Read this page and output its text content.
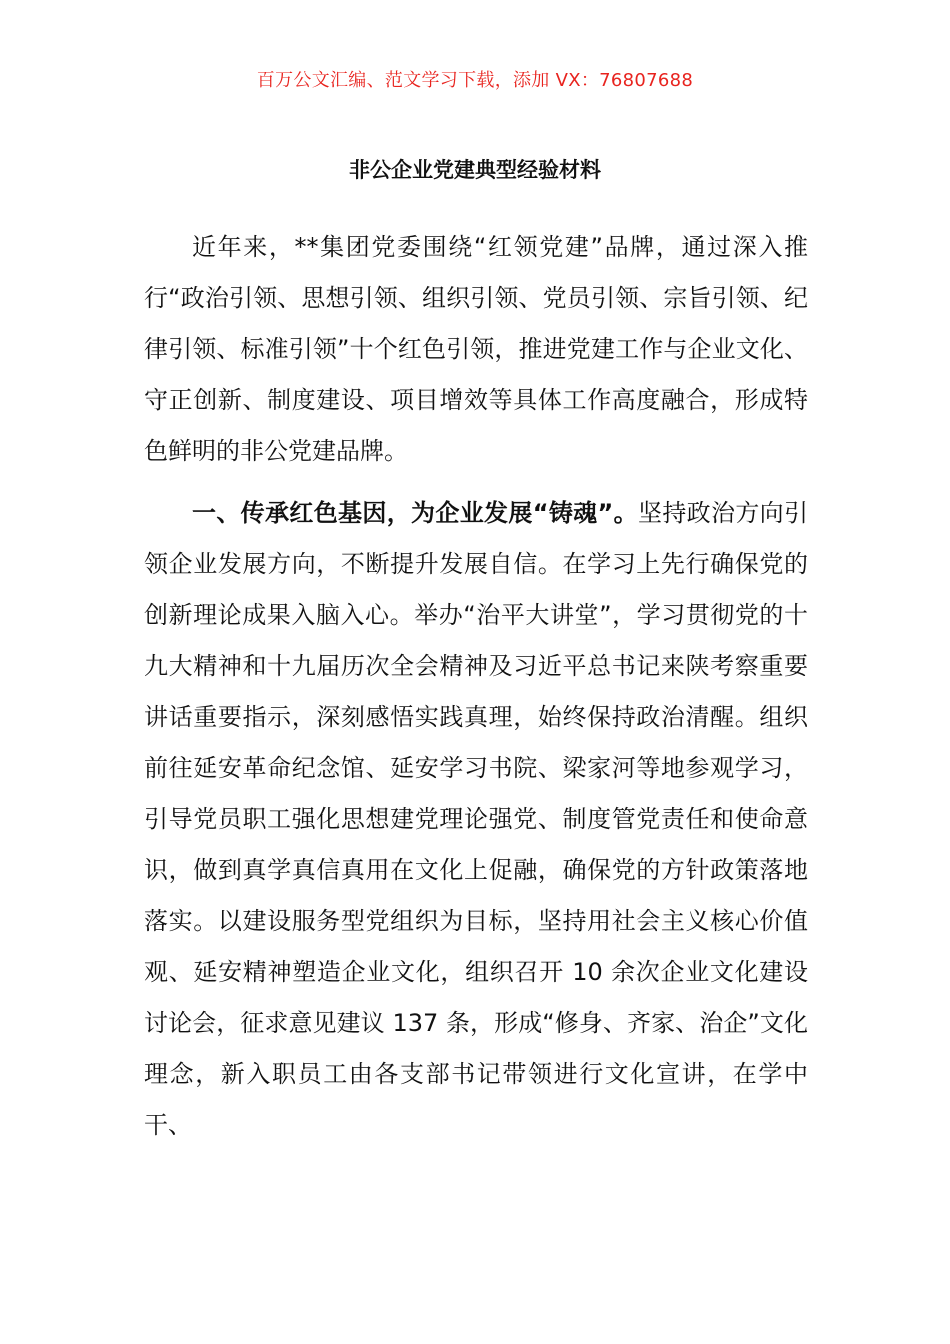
百万公文汇编、范文学习下载，添加 VX：76807688
非公企业党建典型经验材料

近年来，**集团党委围绕“红领党建”品牌，通过深入推行“政治引领、思想引领、组织引领、党员引领、宗旨引领、纪律引领、标准引领”十个红色引领，推进党建工作与企业文化、守正创新、制度建设、项目增效等具体工作高度融合，形成特色鲜明的非公党建品牌。

一、传承红色基因，为企业发展“铸魂”。坚持政治方向引领企业发展方向，不断提升发展自信。在学习上先行确保党的创新理论成果入脑入心。举办“治平大讲堂”，学习贯彻党的十九大精神和十九届历次全会精神及习近平总书记来陕考察重要讲话重要指示，深刻感悟实践真理，始终保持政治清醒。组织前往延安革命纪念馆、延安学习书院、梁家河等地参观学习，引导党员职工强化思想建党理论强党、制度管党责任和使命意识，做到真学真信真用在文化上促融，确保党的方针政策落地落实。以建设服务型党组织为目标，坚持用社会主义核心价值观、延安精神塑造企业文化，组织召开 10 余次企业文化建设讨论会，征求意见建议 137 条，形成“修身、齐家、治企”文化理念，新入职员工由各支部书记带领进行文化宣讲，在学中干、
